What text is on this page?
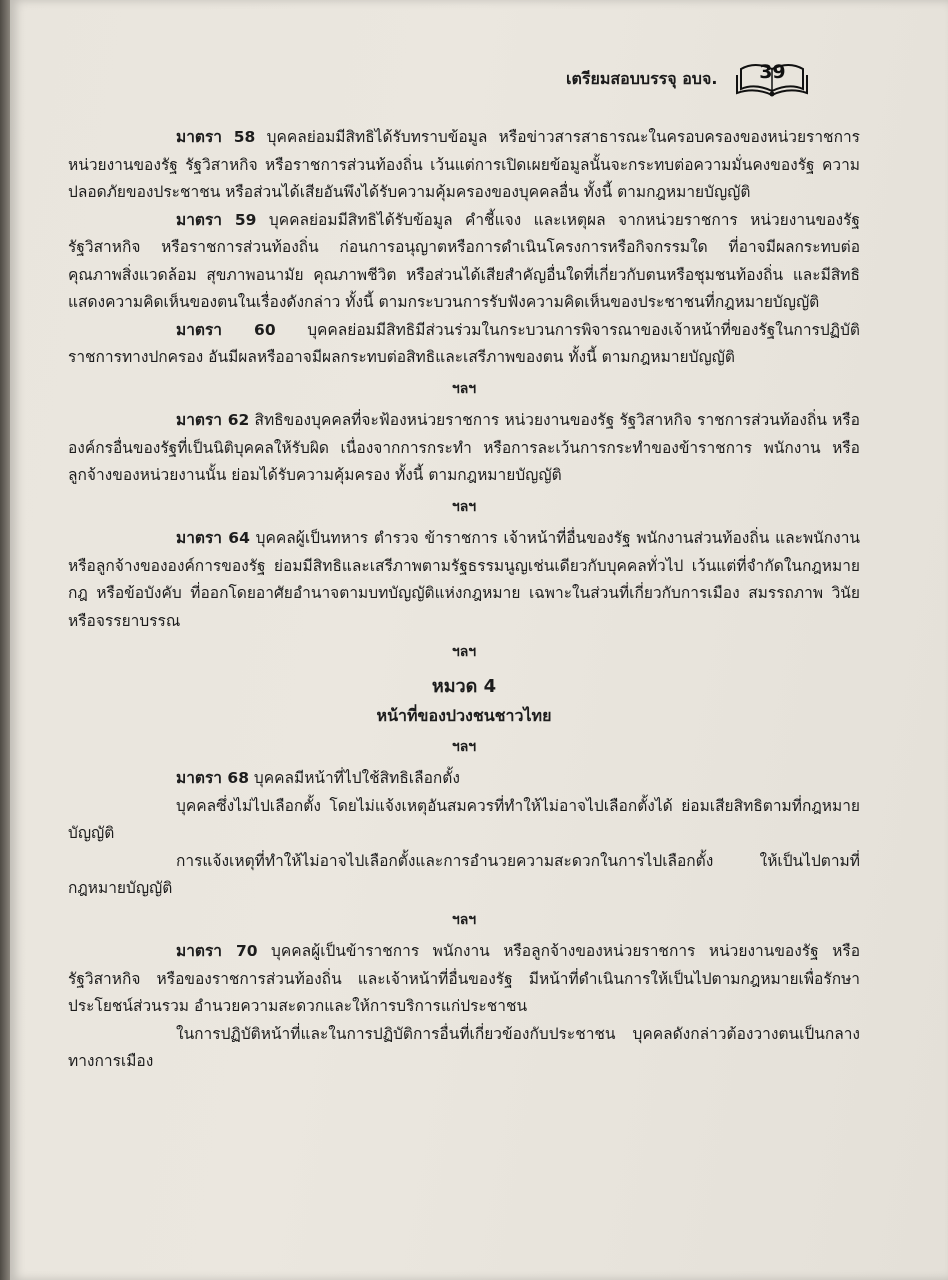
เตรียมสอบบรรจุ อบจ.	39

มาตรา 58 บุคคลย่อมมีสิทธิได้รับทราบข้อมูล หรือข่าวสารสาธารณะในครอบครองของหน่วยราชการ หน่วยงานของรัฐ รัฐวิสาหกิจ หรือราชการส่วนท้องถิ่น เว้นแต่การเปิดเผยข้อมูลนั้นจะกระทบต่อความมั่นคงของรัฐ ความปลอดภัยของประชาชน หรือส่วนได้เสียอันพึงได้รับความคุ้มครองของบุคคลอื่น ทั้งนี้ ตามกฎหมายบัญญัติ

มาตรา 59 บุคคลย่อมมีสิทธิได้รับข้อมูล คำชี้แจง และเหตุผล จากหน่วยราชการ หน่วยงานของรัฐ รัฐวิสาหกิจ หรือราชการส่วนท้องถิ่น ก่อนการอนุญาตหรือการดำเนินโครงการหรือกิจกรรมใด ที่อาจมีผลกระทบต่อคุณภาพสิ่งแวดล้อม สุขภาพอนามัย คุณภาพชีวิต หรือส่วนได้เสียสำคัญอื่นใดที่เกี่ยวกับตนหรือชุมชนท้องถิ่น และมีสิทธิแสดงความคิดเห็นของตนในเรื่องดังกล่าว ทั้งนี้ ตามกระบวนการรับฟังความคิดเห็นของประชาชนที่กฎหมายบัญญัติ

มาตรา 60 บุคคลย่อมมีสิทธิมีส่วนร่วมในกระบวนการพิจารณาของเจ้าหน้าที่ของรัฐในการปฏิบัติราชการทางปกครอง อันมีผลหรืออาจมีผลกระทบต่อสิทธิและเสรีภาพของตน ทั้งนี้ ตามกฎหมายบัญญัติ

ฯลฯ

มาตรา 62 สิทธิของบุคคลที่จะฟ้องหน่วยราชการ หน่วยงานของรัฐ รัฐวิสาหกิจ ราชการส่วนท้องถิ่น หรือองค์กรอื่นของรัฐที่เป็นนิติบุคคลให้รับผิด เนื่องจากการกระทำ หรือการละเว้นการกระทำของข้าราชการ พนักงาน หรือลูกจ้างของหน่วยงานนั้น ย่อมได้รับความคุ้มครอง ทั้งนี้ ตามกฎหมายบัญญัติ

ฯลฯ

มาตรา 64 บุคคลผู้เป็นทหาร ตำรวจ ข้าราชการ เจ้าหน้าที่อื่นของรัฐ พนักงานส่วนท้องถิ่น และพนักงานหรือลูกจ้างขององค์การของรัฐ ย่อมมีสิทธิและเสรีภาพตามรัฐธรรมนูญเช่นเดียวกับบุคคลทั่วไป เว้นแต่ที่จำกัดในกฎหมาย กฎ หรือข้อบังคับ ที่ออกโดยอาศัยอำนาจตามบทบัญญัติแห่งกฎหมาย เฉพาะในส่วนที่เกี่ยวกับการเมือง สมรรถภาพ วินัย หรือจรรยาบรรณ

ฯลฯ
หมวด 4
หน้าที่ของปวงชนชาวไทย
ฯลฯ

มาตรา 68 บุคคลมีหน้าที่ไปใช้สิทธิเลือกตั้ง

บุคคลซึ่งไม่ไปเลือกตั้ง โดยไม่แจ้งเหตุอันสมควรที่ทำให้ไม่อาจไปเลือกตั้งได้ ย่อมเสียสิทธิตามที่กฎหมายบัญญัติ

การแจ้งเหตุที่ทำให้ไม่อาจไปเลือกตั้งและการอำนวยความสะดวกในการไปเลือกตั้ง ให้เป็นไปตามที่กฎหมายบัญญัติ

ฯลฯ

มาตรา 70 บุคคลผู้เป็นข้าราชการ พนักงาน หรือลูกจ้างของหน่วยราชการ หน่วยงานของรัฐ หรือรัฐวิสาหกิจ หรือของราชการส่วนท้องถิ่น และเจ้าหน้าที่อื่นของรัฐ มีหน้าที่ดำเนินการให้เป็นไปตามกฎหมายเพื่อรักษาประโยชน์ส่วนรวม อำนวยความสะดวกและให้การบริการแก่ประชาชน

ในการปฏิบัติหน้าที่และในการปฏิบัติการอื่นที่เกี่ยวข้องกับประชาชน บุคคลดังกล่าวต้องวางตนเป็นกลางทางการเมือง
